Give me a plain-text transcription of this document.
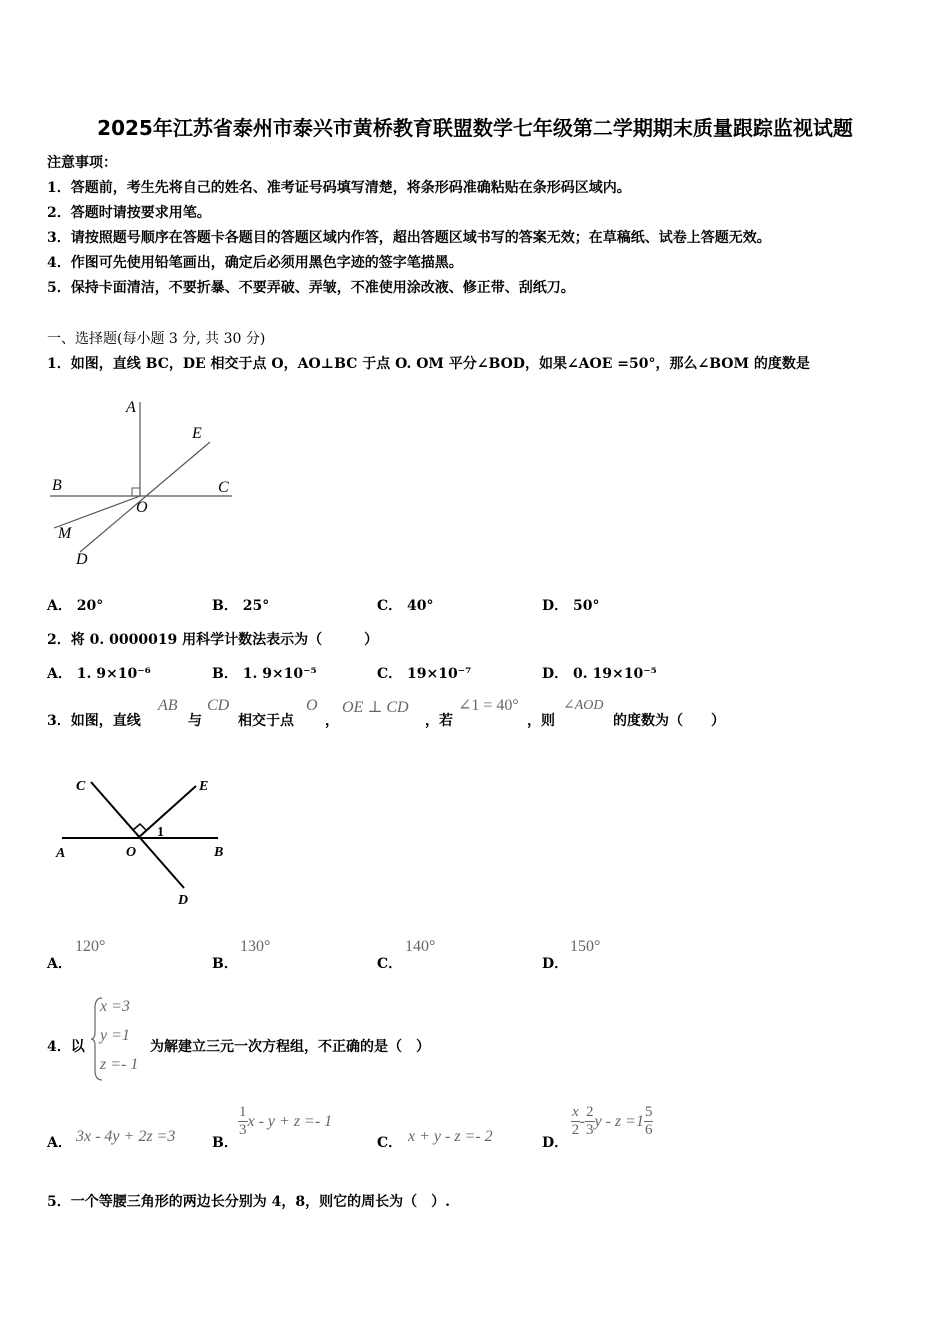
2025年江苏省泰州市泰兴市黄桥教育联盟数学七年级第二学期期末质量跟踪监视试题
注意事项：
1．答题前，考生先将自己的姓名、准考证号码填写清楚，将条形码准确粘贴在条形码区域内。
2．答题时请按要求用笔。
3．请按照题号顺序在答题卡各题目的答题区域内作答，超出答题区域书写的答案无效；在草稿纸、试卷上答题无效。
4．作图可先使用铅笔画出，确定后必须用黑色字迹的签字笔描黑。
5．保持卡面清洁，不要折暴、不要弄破、弄皱，不准使用涂改液、修正带、刮纸刀。
一、选择题(每小题 3 分, 共 30 分)
1．如图，直线 BC，DE 相交于点 O，AO⊥BC 于点 O. OM 平分∠BOD，如果∠AOE =50°，那么∠BOM 的度数是
A
E
B	C
O
M
D
A． 20°	B． 25°	C． 40°	D． 50°
2．将 0. 0000019 用科学计数法表示为（　　　）
A． 1. 9×10⁻⁶	B． 1. 9×10⁻⁵	C． 19×10⁻⁷	D． 0. 19×10⁻⁵
3．如图，直线
AB
与
CD
相交于点
O
，
OE ⊥ CD
，若
∠1 = 40°
，则
∠AOD
的度数为（　　）
C	E
1
A	O	B
D
A．
120°
B．
130°
C．
140°
D．
150°
4．以
x =3
y =1
z =- 1
为解建立三元一次方程组，不正确的是（　）
A． 3x - 4y + 2z =3	B．
$\frac{1}{3}$ x - y + z =- 1
C． x + y - z =- 2	D．
$\frac{x}{2} - \frac{2}{3}$ $y - z =1 \frac{5}{6}$
5．一个等腰三角形的两边长分别为 4，8，则它的周长为（　）.
